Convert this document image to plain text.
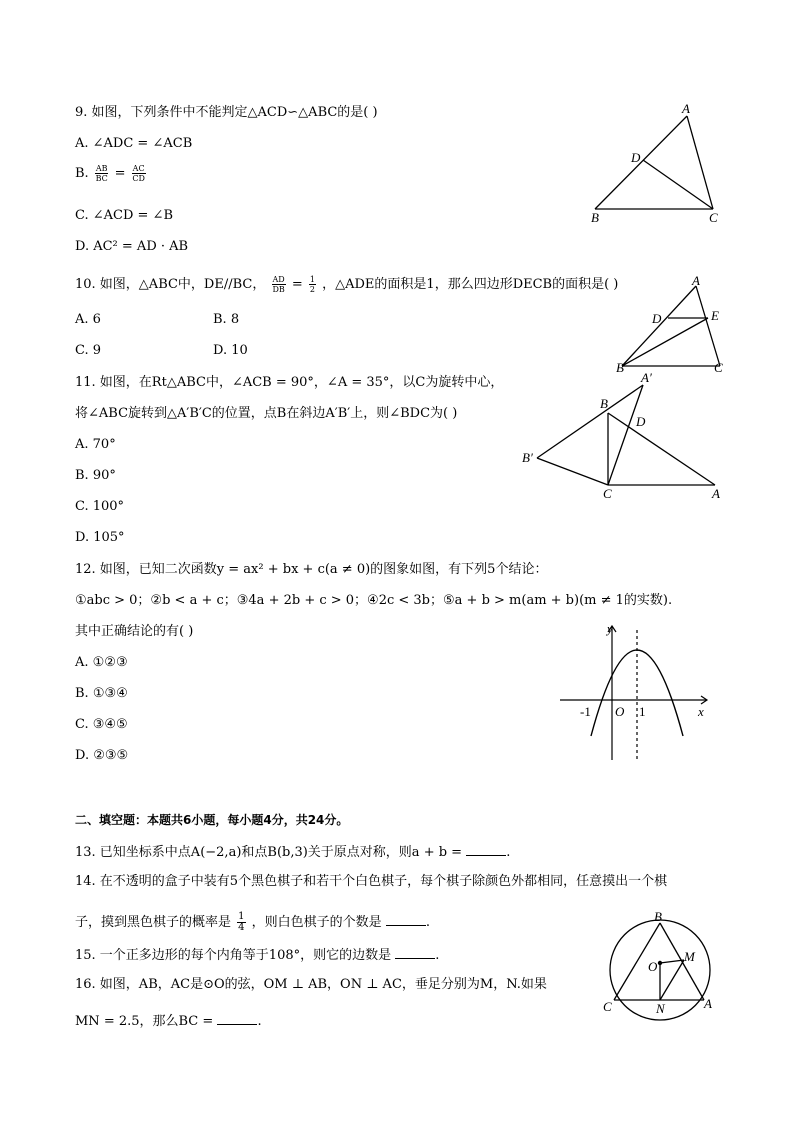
9. 如图，下列条件中不能判定△ACD∽△ABC的是( )
A. ∠ADC = ∠ACB
B. $\frac{AB}{BC} = \frac{AC}{CD}$
C. ∠ACD = ∠B
D. AC² = AD · AB
A
D
B	C
10. 如图，△ABC中，DE//BC， $\frac{AD}{DB} = \frac{1}{2}$ ，△ADE的面积是1，那么四边形DECB的面积是( )
A. 6	B. 8
C. 9	D. 10
A
D	E
B	C
11. 如图，在Rt△ABC中，∠ACB = 90°，∠A = 35°，以C为旋转中心，
将∠ABC旋转到△A′B′C的位置，点B在斜边A′B′上，则∠BDC为( )
A. 70°
B. 90°
C. 100°
D. 105°
A′
B
D
B′
C	A
12. 如图，已知二次函数y = ax² + bx + c(a ≠ 0)的图象如图，有下列5个结论：
①abc > 0；②b < a + c；③4a + 2b + c > 0；④2c < 3b；⑤a + b > m(am + b)(m ≠ 1的实数).
其中正确结论的有( )
A. ①②③
B. ①③④
C. ③④⑤
D. ②③⑤
y
x
O
-1	1
二、填空题：本题共6小题，每小题4分，共24分。
13. 已知坐标系中点A(−2,a)和点B(b,3)关于原点对称，则a + b =	.
14. 在不透明的盒子中装有5个黑色棋子和若干个白色棋子，每个棋子除颜色外都相同，任意摸出一个棋
子，摸到黑色棋子的概率是 $\frac{1}{4}$ ，则白色棋子的个数是	.
15. 一个正多边形的每个内角等于108°，则它的边数是	.
16. 如图，AB，AC是⊙O的弦，OM ⊥ AB，ON ⊥ AC，垂足分别为M，N.如果
MN = 2.5，那么BC =	.
B
O
M
C	N	A
